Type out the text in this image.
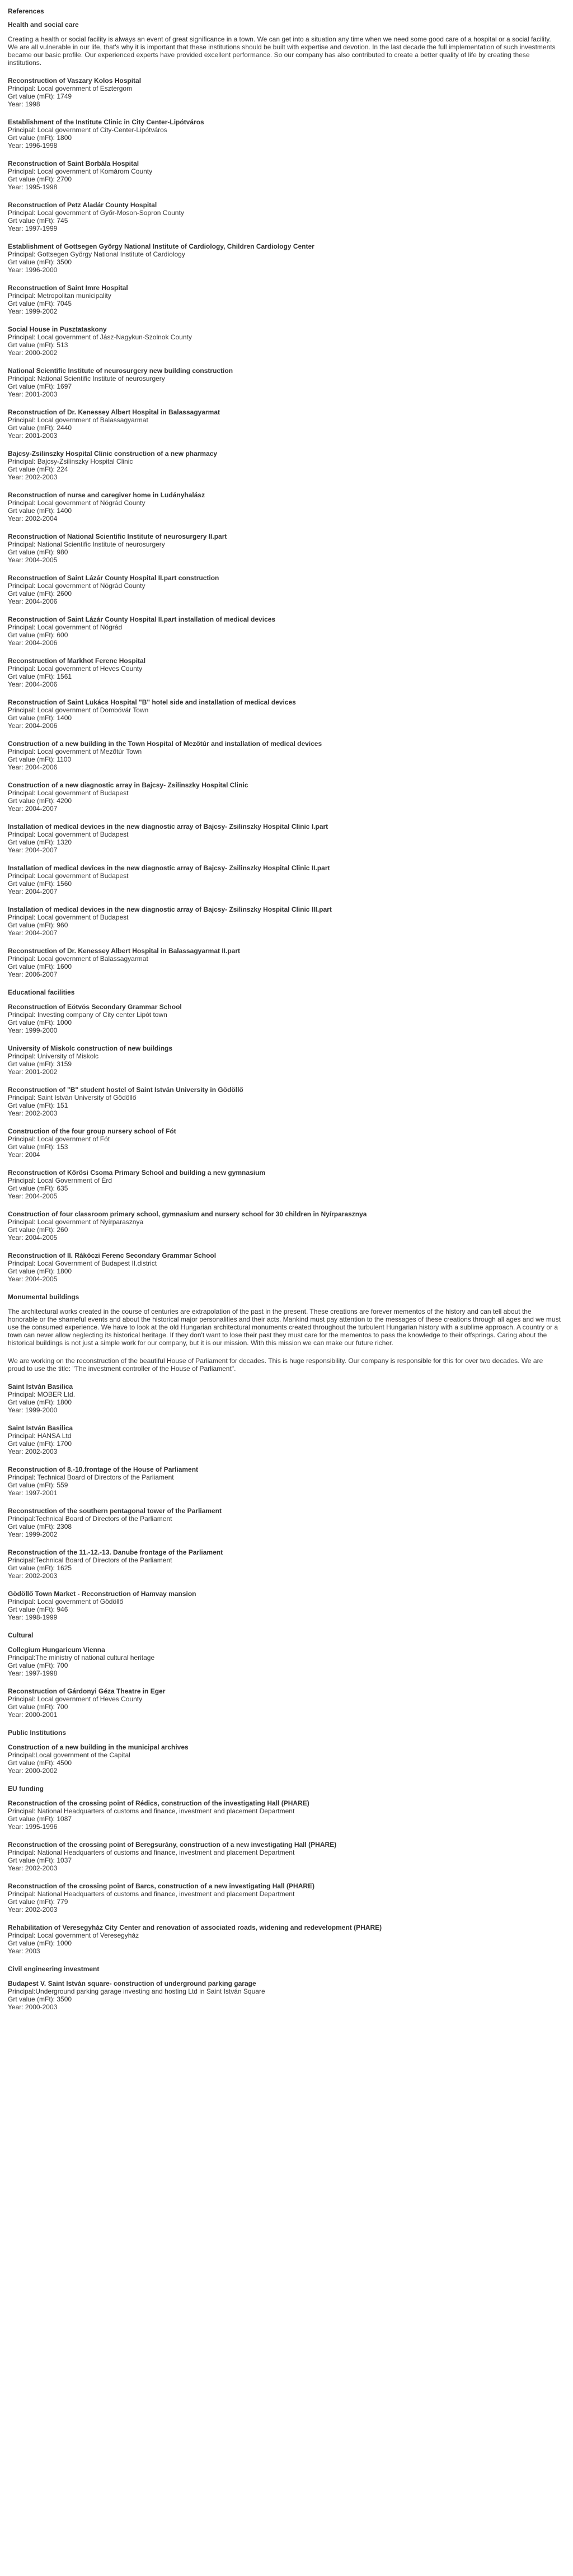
References
Health and social care

Creating a health or social facility is always an event of great significance in a town. We can get into a situation any time when we need some good care of a hospital or a social facility. We are all vulnerable in our life, that's why it is important that these institutions should be built with expertise and devotion. In the last decade the full implementation of such investments became our basic profile. Our experienced experts have provided excellent performance. So our company has also contributed to create a better quality of life by creating these institutions.

Reconstruction of Vaszary Kolos Hospital
Principal: Local government of Esztergom
Grt value (mFt): 1749
Year: 1998
Establishment of the Institute Clinic in City Center-Lipótváros
Principal: Local government of City-Center-Lipótváros
Grt value (mFt): 1800
Year: 1996-1998
Reconstruction of Saint Borbála Hospital
Principal: Local government of Komárom County
Grt value (mFt): 2700
Year: 1995-1998
Reconstruction of Petz Aladár County Hospital
Principal: Local government of Győr-Moson-Sopron County
Grt value (mFt): 745
Year: 1997-1999
Establishment of Gottsegen György National Institute of Cardiology, Children Cardiology Center
Principal: Gottsegen György National Institute of Cardiology
Grt value (mFt): 3500
Year: 1996-2000
Reconstruction of Saint Imre Hospital
Principal: Metropolitan municipality
Grt value (mFt): 7045
Year: 1999-2002
Social House in Pusztataskony
Principal: Local government of Jász-Nagykun-Szolnok County
Grt value (mFt): 513
Year: 2000-2002
National Scientific Institute of neurosurgery new building construction
Principal: National Scientific Institute of neurosurgery
Grt value (mFt): 1697
Year: 2001-2003
Reconstruction of Dr. Kenessey Albert Hospital in Balassagyarmat
Principal: Local government of Balassagyarmat
Grt value (mFt): 2440
Year: 2001-2003
Bajcsy-Zsilinszky Hospital Clinic construction of a new pharmacy
Principal: Bajcsy-Zsilinszky Hospital Clinic
Grt value (mFt): 224
Year: 2002-2003
Reconstruction of nurse and caregiver home in Ludányhalász
Principal: Local government of Nógrád County
Grt value (mFt): 1400
Year: 2002-2004
Reconstruction of National Scientific Institute of neurosurgery II.part
Principal: National Scientific Institute of neurosurgery
Grt value (mFt): 980
Year: 2004-2005
Reconstruction of Saint Lázár County Hospital II.part construction
Principal: Local government of Nógrád County
Grt value (mFt): 2600
Year: 2004-2006
Reconstruction of Saint Lázár County Hospital II.part installation of medical devices
Principal: Local government of Nógrád
Grt value (mFt): 600
Year: 2004-2006
Reconstruction of Markhot Ferenc Hospital
Principal: Local government of Heves County
Grt value (mFt): 1561
Year: 2004-2006
Reconstruction of Saint Lukács Hospital "B" hotel side and installation of medical devices
Principal: Local government of Dombóvár Town
Grt value (mFt): 1400
Year: 2004-2006
Construction of a new building in the Town Hospital of Mezőtúr and installation of medical devices
Principal: Local government of Mezőtúr Town
Grt value (mFt): 1100
Year: 2004-2006
Construction of a new diagnostic array in Bajcsy- Zsilinszky Hospital Clinic
Principal: Local government of Budapest
Grt value (mFt): 4200
Year: 2004-2007
Installation of medical devices in the new diagnostic array of Bajcsy- Zsilinszky Hospital Clinic I.part
Principal: Local government of Budapest
Grt value (mFt): 1320
Year: 2004-2007
Installation of medical devices in the new diagnostic array of Bajcsy- Zsilinszky Hospital Clinic II.part
Principal: Local government of Budapest
Grt value (mFt): 1560
Year: 2004-2007
Installation of medical devices in the new diagnostic array of Bajcsy- Zsilinszky Hospital Clinic III.part
Principal: Local government of Budapest
Grt value (mFt): 960
Year: 2004-2007
Reconstruction of Dr. Kenessey Albert Hospital in Balassagyarmat II.part
Principal: Local government of Balassagyarmat
Grt value (mFt): 1600
Year: 2006-2007
Educational facilities
Reconstruction of Eötvös Secondary Grammar School
Principal: Investing company of City center Lipót town
Grt value (mFt): 1000
Year: 1999-2000
University of Miskolc construction of new buildings
Principal: University of Miskolc
Grt value (mFt): 3159
Year: 2001-2002
Reconstruction of "B" student hostel of Saint István University in Gödöllő
Principal: Saint István University of Gödöllő
Grt value (mFt): 151
Year: 2002-2003
Construction of the four group nursery school of Fót
Principal: Local government of Fót
Grt value (mFt): 153
Year: 2004
Reconstruction of Kőrösi Csoma Primary School and building a new gymnasium
Principal: Local Government of Érd
Grt value (mFt): 635
Year: 2004-2005
Construction of four classroom primary school, gymnasium and nursery school for 30 children in Nyírparasznya
Principal: Local government of Nyírparasznya
Grt value (mFt): 260
Year: 2004-2005
Reconstruction of II. Rákóczi Ferenc Secondary Grammar School
Principal: Local Government of Budapest II.district
Grt value (mFt): 1800
Year: 2004-2005
Monumental buildings

The architectural works created in the course of centuries are extrapolation of the past in the present. These creations are forever mementos of the history and can tell about the honorable or the shameful events and about the historical major personalities and their acts. Mankind must pay attention to the messages of these creations through all ages and we must use the consumed experience. We have to look at the old Hungarian architectural monuments created throughout the turbulent Hungarian history with a sublime approach. A country or a town can never allow neglecting its historical heritage. If they don't want to lose their past they must care for the mementos to pass the knowledge to their offsprings. Caring about the historical buildings is not just a simple work for our company, but it is our mission. With this mission we can make our future richer.

We are working on the reconstruction of the beautiful House of Parliament for decades. This is huge responsibility. Our company is responsible for this for over two decades. We are proud to use the title: "The investment controller of the House of Parliament".

Saint István Basilica
Principal: MOBER Ltd.
Grt value (mFt): 1800
Year: 1999-2000
Saint István Basilica
Principal: HANSA Ltd
Grt value (mFt): 1700
Year: 2002-2003
Reconstruction of 8.-10.frontage of the House of Parliament
Principal: Technical Board of Directors of the Parliament
Grt value (mFt): 559
Year: 1997-2001
Reconstruction of the southern pentagonal tower of the Parliament
Principal:Technical Board of Directors of the Parliament
Grt value (mFt): 2308
Year: 1999-2002
Reconstruction of the 11.-12.-13. Danube frontage of the Parliament
Principal:Technical Board of Directors of the Parliament
Grt value (mFt): 1625
Year: 2002-2003
Gödöllő Town Market - Reconstruction of Hamvay mansion
Principal: Local government of Gödöllő
Grt value (mFt): 946
Year: 1998-1999
Cultural
Collegium Hungaricum Vienna
Principal:The ministry of national cultural heritage
Grt value (mFt): 700
Year: 1997-1998
Reconstruction of Gárdonyi Géza Theatre in Eger
Principal: Local government of Heves County
Grt value (mFt): 700
Year: 2000-2001
Public Institutions
Construction of a new building in the municipal archives
Principal:Local government of the Capital
Grt value (mFt): 4500
Year: 2000-2002
EU funding
Reconstruction of the crossing point of Rédics, construction of the investigating Hall (PHARE)
Principal: National Headquarters of customs and finance, investment and placement Department
Grt value (mFt): 1087
Year: 1995-1996
Reconstruction of the crossing point of Beregsurány, construction of a new investigating Hall (PHARE)
Principal: National Headquarters of customs and finance, investment and placement Department
Grt value (mFt): 1037
Year: 2002-2003
Reconstruction of the crossing point of Barcs, construction of a new investigating Hall (PHARE)
Principal: National Headquarters of customs and finance, investment and placement Department
Grt value (mFt): 779
Year: 2002-2003
Rehabilitation of Veresegyház City Center and renovation of associated roads, widening and redevelopment (PHARE)
Principal: Local government of Veresegyház
Grt value (mFt): 1000
Year: 2003
Civil engineering investment
Budapest V. Saint István square- construction of underground parking garage
Principal:Underground parking garage investing and hosting Ltd in Saint István Square
Grt value (mFt): 3500
Year: 2000-2003
